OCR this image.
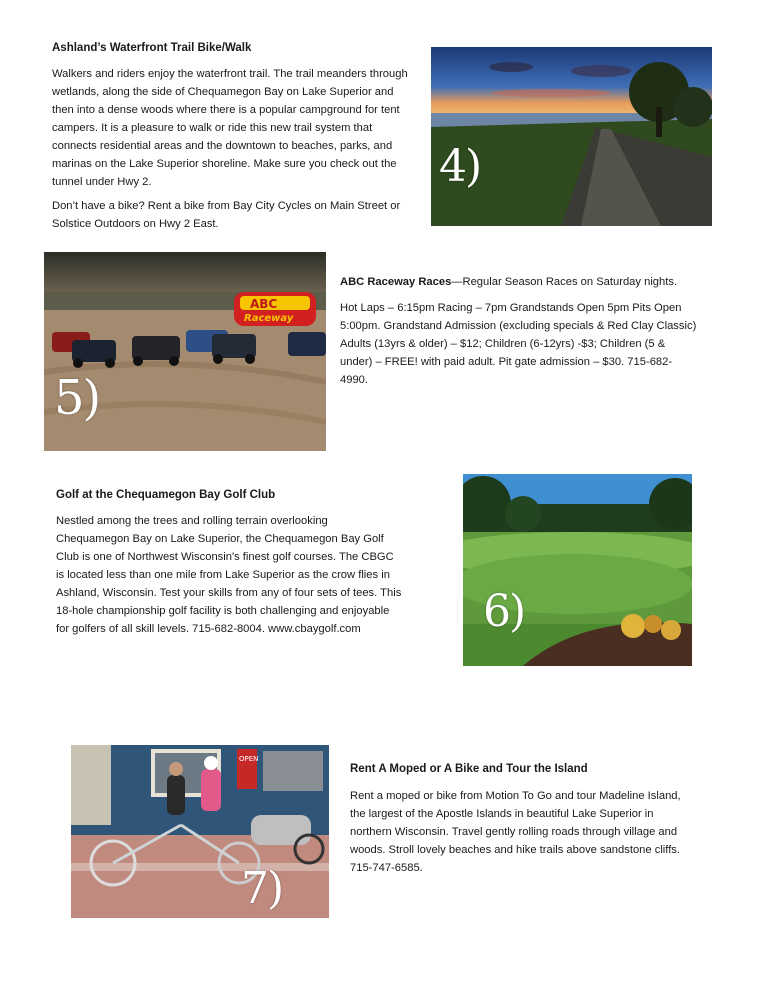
Ashland’s Waterfront Trail Bike/Walk

Walkers and riders enjoy the waterfront trail. The trail meanders through wetlands, along the side of Chequamegon Bay on Lake Superior and then into a dense woods where there is a popular campground for tent campers. It is a pleasure to walk or ride this new trail system that connects residential areas and the downtown to beaches, parks, and marinas on the Lake Superior shoreline. Make sure you check out the tunnel under Hwy 2.

Don’t have a bike? Rent a bike from Bay City Cycles on Main Street or Solstice Outdoors on Hwy 2 East.

4)
ABC
Raceway
5)

ABC Raceway Races—Regular Season Races on Saturday nights.

Hot Laps – 6:15pm Racing – 7pm Grandstands Open 5pm Pits Open 5:00pm. Grandstand Admission (excluding specials & Red Clay Classic) Adults (13yrs & older) – $12; Children (6-12yrs) -$3; Children (5 & under) – FREE! with paid adult. Pit gate admission – $30. 715-682-4990.

Golf at the Chequamegon Bay Golf Club

Nestled among the trees and rolling terrain overlooking Chequamegon Bay on Lake Superior, the Chequamegon Bay Golf Club is one of Northwest Wisconsin's finest golf courses. The CBGC is located less than one mile from Lake Superior as the crow flies in Ashland, Wisconsin. Test your skills from any of four sets of tees. This 18-hole championship golf facility is both challenging and enjoyable for golfers of all skill levels. 715-682-8004. www.cbaygolf.com	6)
OPEN
7)
Rent A Moped or A Bike and Tour the Island

Rent a moped or bike from Motion To Go and tour Madeline Island, the largest of the Apostle Islands in beautiful Lake Superior in northern Wisconsin. Travel gently rolling roads through village and woods. Stroll lovely beaches and hike trails above sandstone cliffs. 715-747-6585.
